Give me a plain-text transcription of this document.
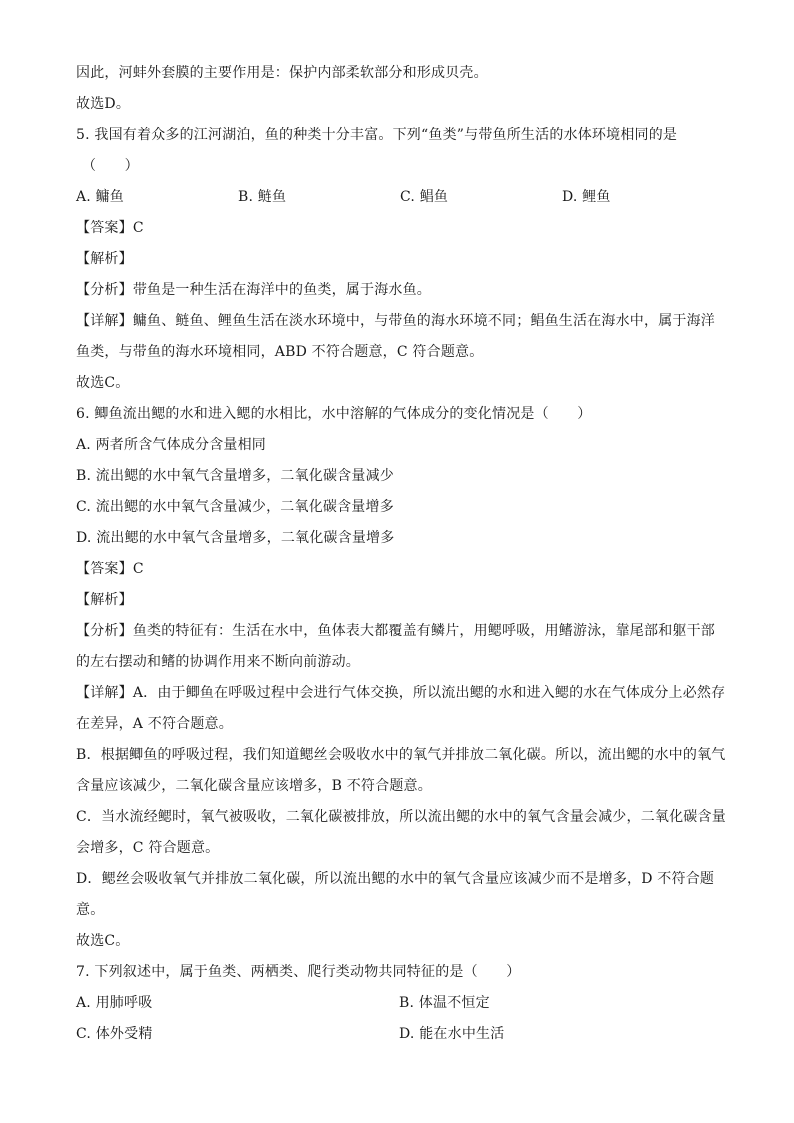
因此，河蚌外套膜的主要作用是：保护内部柔软部分和形成贝壳。
故选D。
5. 我国有着众多的江河湖泊，鱼的种类十分丰富。下列“鱼类”与带鱼所生活的水体环境相同的是
（　　）
A. 鳙鱼	B. 鲢鱼	C. 鲳鱼	D. 鲤鱼
【答案】C
【解析】
【分析】带鱼是一种生活在海洋中的鱼类，属于海水鱼。
【详解】鳙鱼、鲢鱼、鲤鱼生活在淡水环境中，与带鱼的海水环境不同；鲳鱼生活在海水中，属于海洋
鱼类，与带鱼的海水环境相同，ABD 不符合题意，C 符合题意。
故选C。
6. 鲫鱼流出鳃的水和进入鳃的水相比，水中溶解的气体成分的变化情况是（　　）
A. 两者所含气体成分含量相同
B. 流出鳃的水中氧气含量增多，二氧化碳含量减少
C. 流出鳃的水中氧气含量减少，二氧化碳含量增多
D. 流出鳃的水中氧气含量增多，二氧化碳含量增多
【答案】C
【解析】
【分析】鱼类的特征有：生活在水中，鱼体表大都覆盖有鳞片，用鳃呼吸，用鳍游泳，靠尾部和躯干部
的左右摆动和鳍的协调作用来不断向前游动。
【详解】A．由于鲫鱼在呼吸过程中会进行气体交换，所以流出鳃的水和进入鳃的水在气体成分上必然存
在差异，A 不符合题意。
B．根据鲫鱼的呼吸过程，我们知道鳃丝会吸收水中的氧气并排放二氧化碳。所以，流出鳃的水中的氧气
含量应该减少，二氧化碳含量应该增多，B 不符合题意。
C．当水流经鳃时，氧气被吸收，二氧化碳被排放，所以流出鳃的水中的氧气含量会减少，二氧化碳含量
会增多，C 符合题意。
D．鳃丝会吸收氧气并排放二氧化碳，所以流出鳃的水中的氧气含量应该减少而不是增多，D 不符合题
意。
故选C。
7. 下列叙述中，属于鱼类、两栖类、爬行类动物共同特征的是（　　）
A. 用肺呼吸	B. 体温不恒定
C. 体外受精	D. 能在水中生活
